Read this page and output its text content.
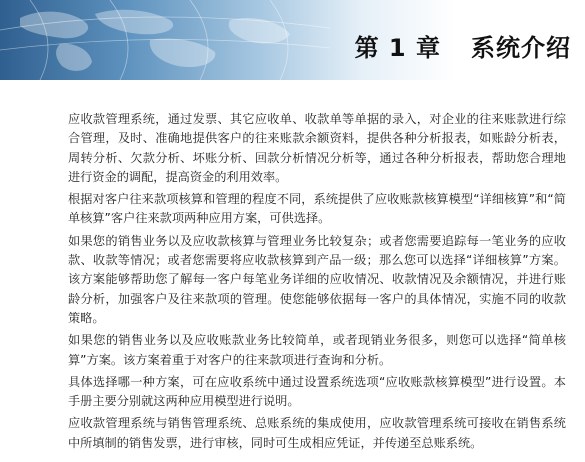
第 1 章 系统介绍

应收款管理系统，通过发票、其它应收单、收款单等单据的录入，对企业的往来账款进行综合管理，及时、准确地提供客户的往来账款余额资料，提供各种分析报表，如账龄分析表，周转分析、欠款分析、坏账分析、回款分析情况分析等，通过各种分析报表，帮助您合理地进行资金的调配，提高资金的利用效率。

根据对客户往来款项核算和管理的程度不同，系统提供了应收账款核算模型“详细核算”和“简单核算”客户往来款项两种应用方案，可供选择。

如果您的销售业务以及应收款核算与管理业务比较复杂；或者您需要追踪每一笔业务的应收款、收款等情况；或者您需要将应收款核算到产品一级；那么您可以选择“详细核算”方案。该方案能够帮助您了解每一客户每笔业务详细的应收情况、收款情况及余额情况，并进行账龄分析，加强客户及往来款项的管理。使您能够依据每一客户的具体情况，实施不同的收款策略。

如果您的销售业务以及应收账款业务比较简单，或者现销业务很多，则您可以选择“简单核算”方案。该方案着重于对客户的往来款项进行查询和分析。

具体选择哪一种方案，可在应收系统中通过设置系统选项“应收账款核算模型”进行设置。本手册主要分别就这两种应用模型进行说明。

应收款管理系统与销售管理系统、总账系统的集成使用，应收款管理系统可接收在销售系统中所填制的销售发票，进行审核，同时可生成相应凭证，并传递至总账系统。
